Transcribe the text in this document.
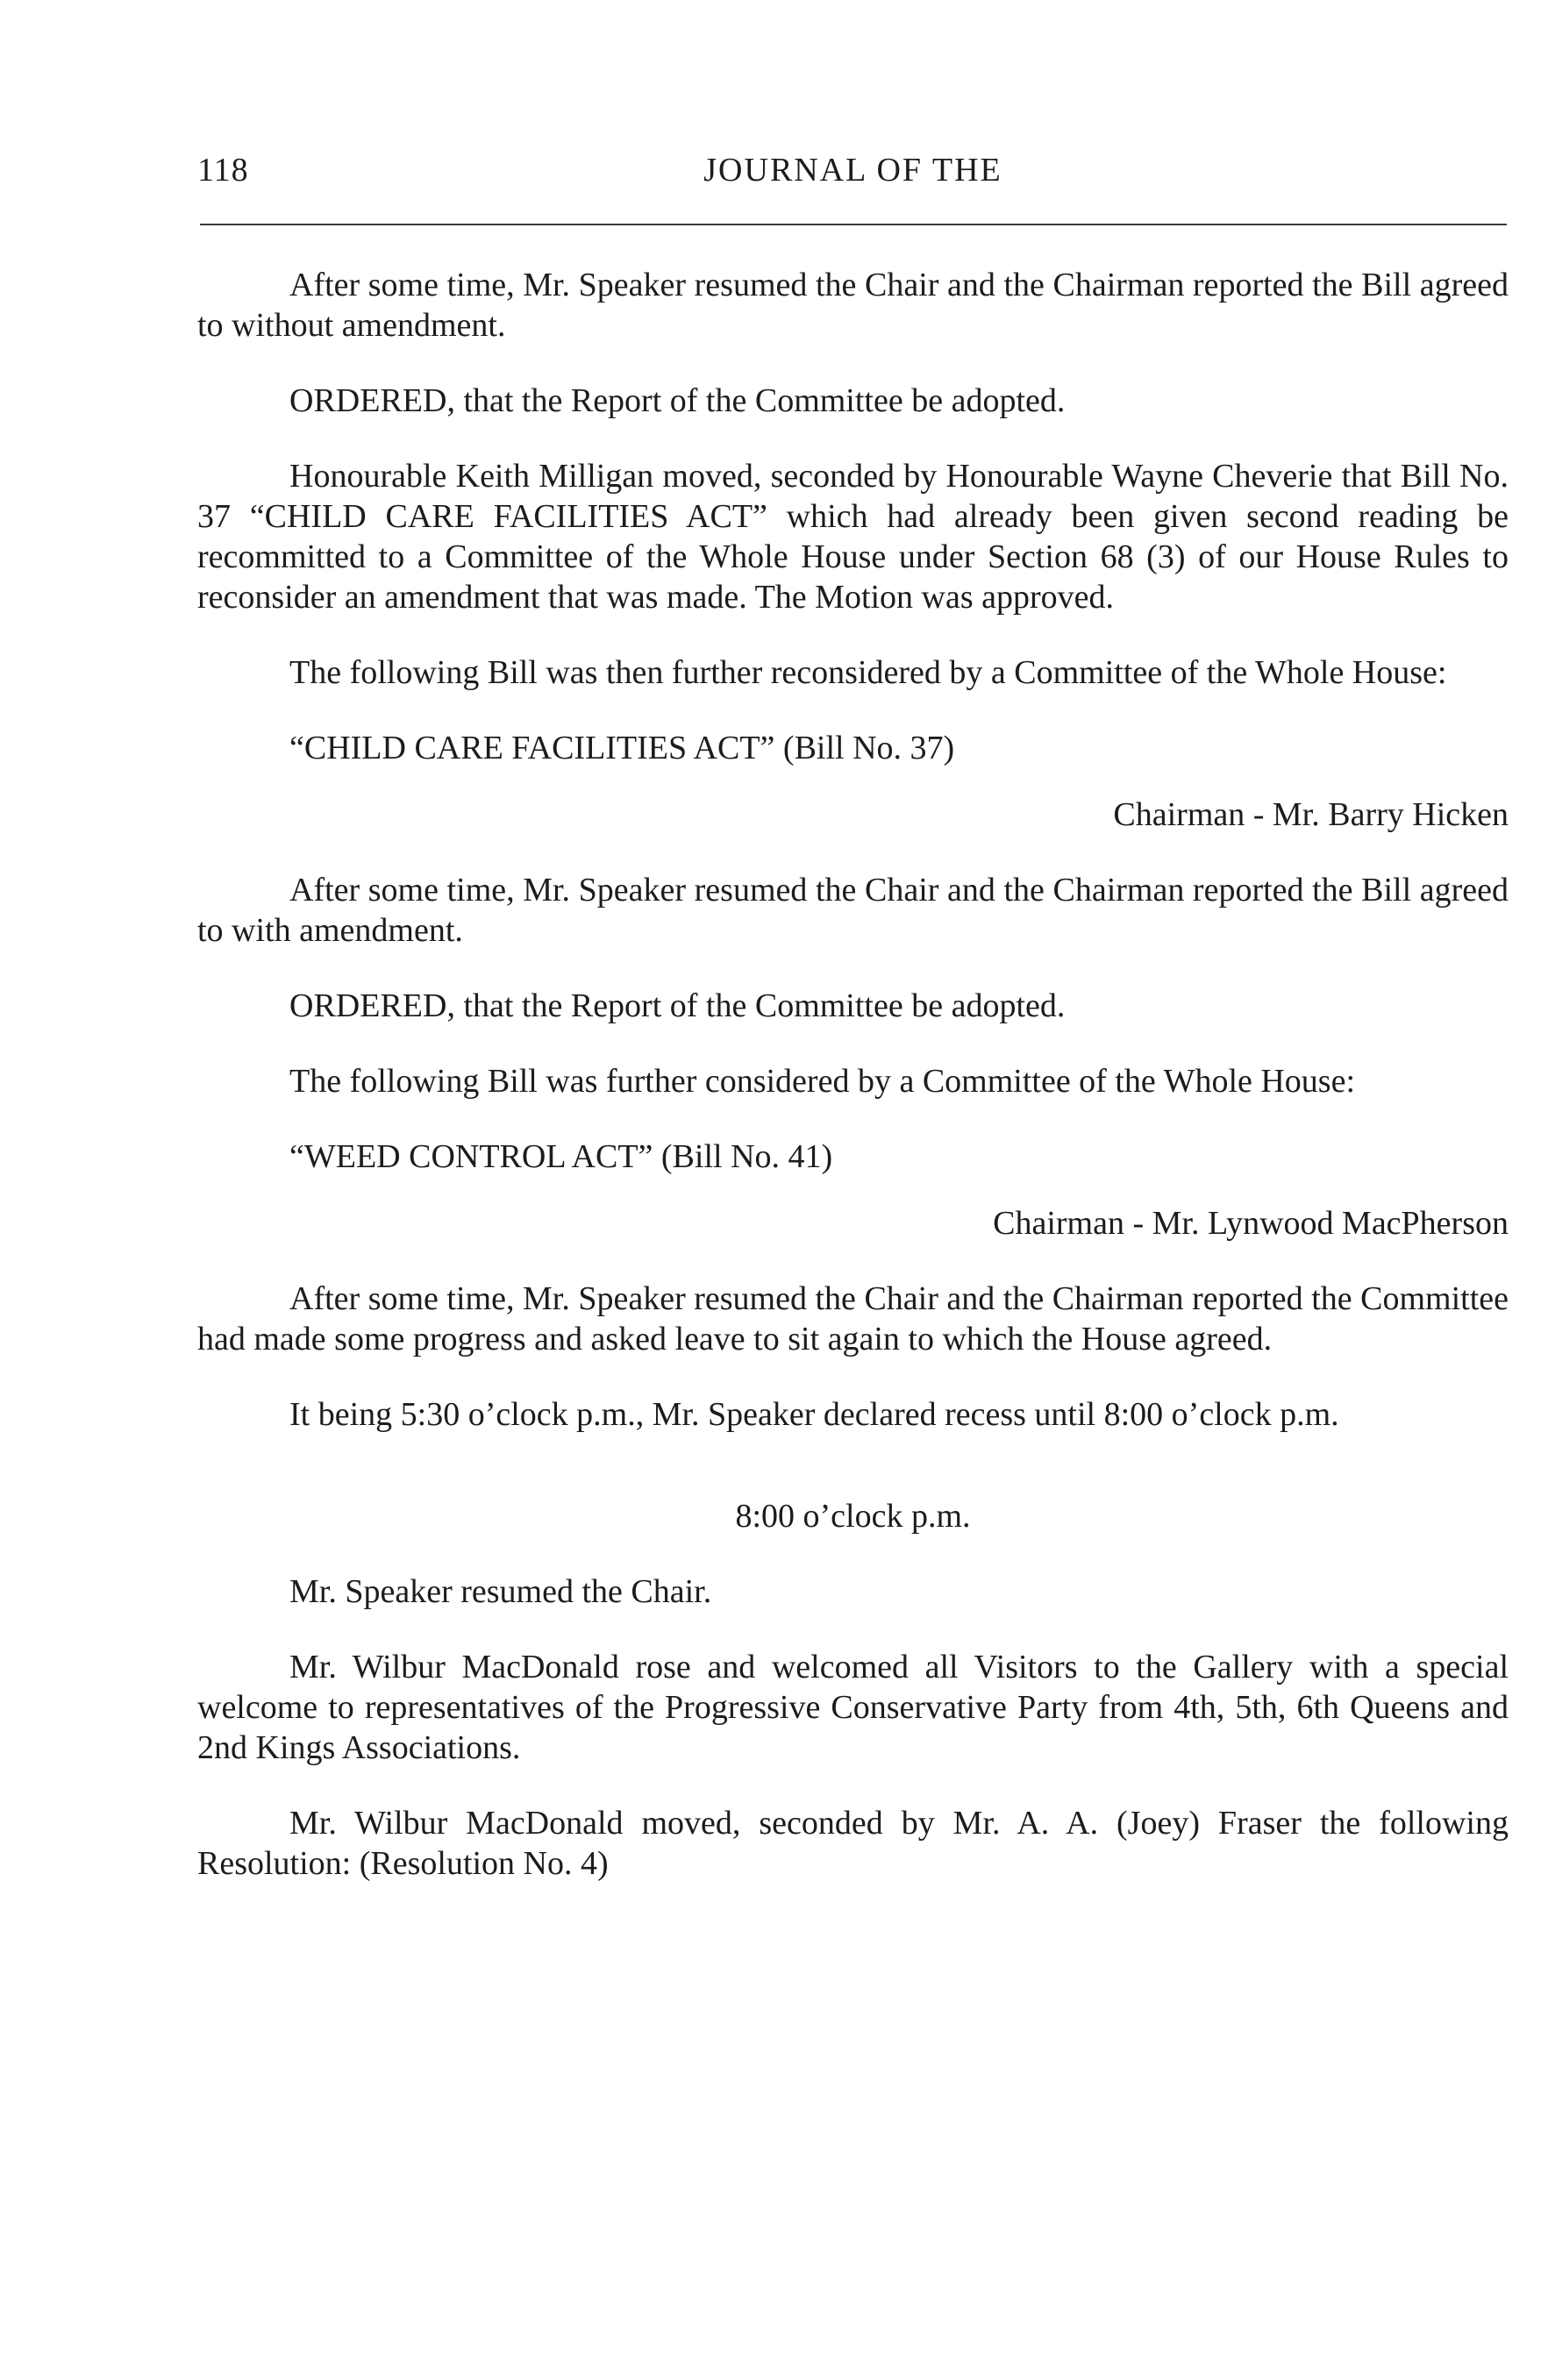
118	JOURNAL OF THE

After some time, Mr. Speaker resumed the Chair and the Chairman reported the Bill agreed to without amendment.

ORDERED, that the Report of the Committee be adopted.

Honourable Keith Milligan moved, seconded by Honourable Wayne Cheverie that Bill No. 37 “CHILD CARE FACILITIES ACT” which had already been given second reading be recommitted to a Committee of the Whole House under Section 68 (3) of our House Rules to reconsider an amendment that was made. The Motion was approved.

The following Bill was then further reconsidered by a Committee of the Whole House:

“CHILD CARE FACILITIES ACT” (Bill No. 37)

Chairman - Mr. Barry Hicken

After some time, Mr. Speaker resumed the Chair and the Chairman reported the Bill agreed to with amendment.

ORDERED, that the Report of the Committee be adopted.

The following Bill was further considered by a Committee of the Whole House:

“WEED CONTROL ACT” (Bill No. 41)

Chairman - Mr. Lynwood MacPherson

After some time, Mr. Speaker resumed the Chair and the Chairman reported the Committee had made some progress and asked leave to sit again to which the House agreed.

It being 5:30 o’clock p.m., Mr. Speaker declared recess until 8:00 o’clock p.m.

8:00 o’clock p.m.

Mr. Speaker resumed the Chair.

Mr. Wilbur MacDonald rose and welcomed all Visitors to the Gallery with a special welcome to representatives of the Progressive Conservative Party from 4th, 5th, 6th Queens and 2nd Kings Associations.

Mr. Wilbur MacDonald moved, seconded by Mr. A. A. (Joey) Fraser the following Resolution: (Resolution No. 4)
